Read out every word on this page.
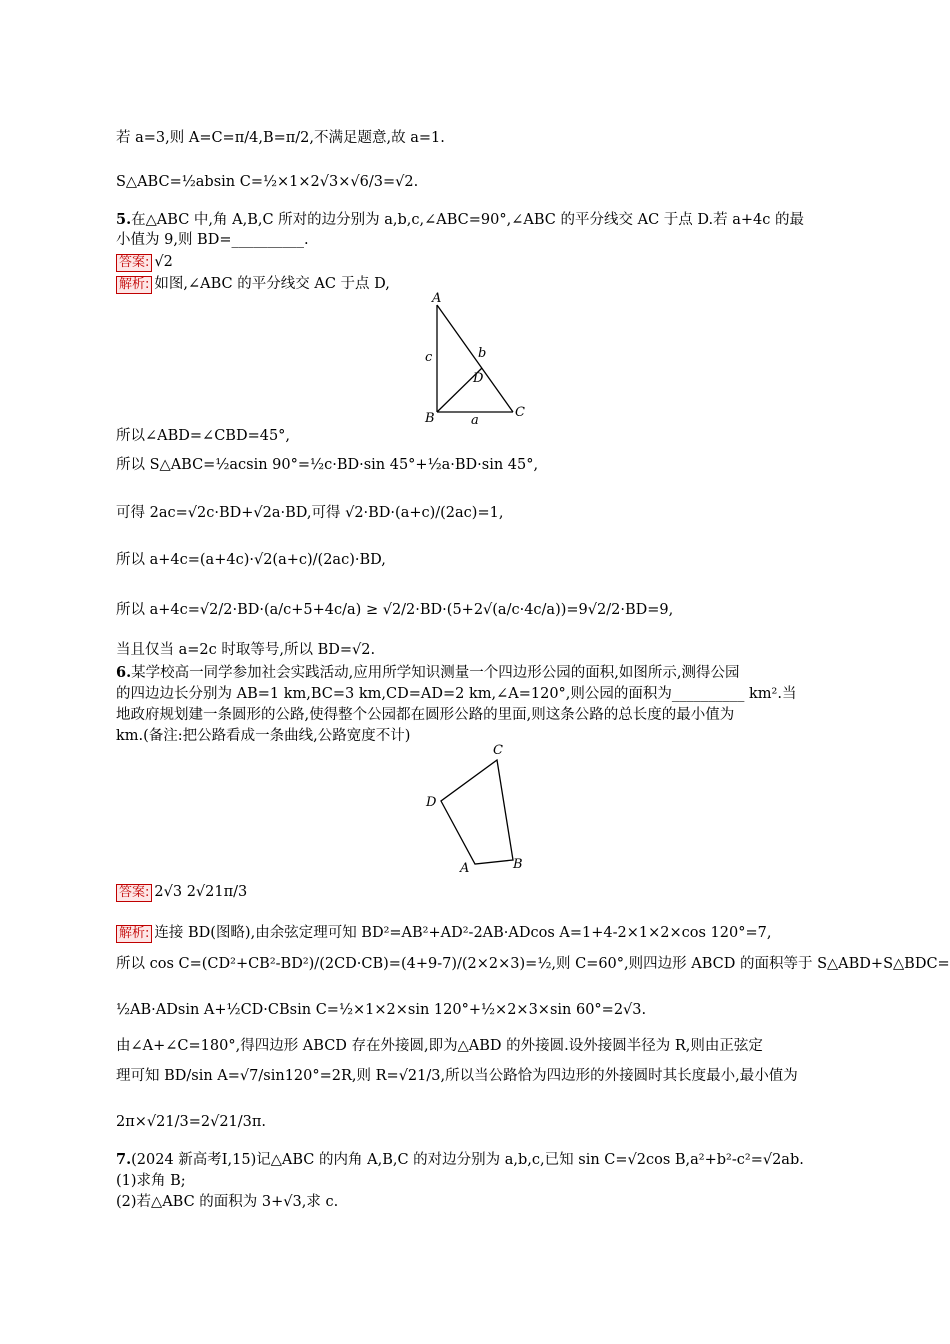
若 a=3,则 A=C=π/4,B=π/2,不满足题意,故 a=1.
S△ABC=½absin C=½×1×2√3×√6/3=√2.
5.在△ABC 中,角 A,B,C 所对的边分别为 a,b,c,∠ABC=90°,∠ABC 的平分线交 AC 于点 D.若 a+4c 的最
小值为 9,则 BD=__________.
答案: √2
解析: 如图,∠ABC 的平分线交 AC 于点 D,
A
B	C
D
c	b
a
所以∠ABD=∠CBD=45°,
所以 S△ABC=½acsin 90°=½c·BD·sin 45°+½a·BD·sin 45°,
可得 2ac=√2c·BD+√2a·BD,可得 √2·BD·(a+c)/(2ac)=1,
所以 a+4c=(a+4c)·√2(a+c)/(2ac)·BD,
所以 a+4c=√2/2·BD·(a/c+5+4c/a) ≥ √2/2·BD·(5+2√(a/c·4c/a))=9√2/2·BD=9,
当且仅当 a=2c 时取等号,所以 BD=√2.
6.某学校高一同学参加社会实践活动,应用所学知识测量一个四边形公园的面积,如图所示,测得公园
的四边边长分别为 AB=1 km,BC=3 km,CD=AD=2 km,∠A=120°,则公园的面积为__________ km².当
地政府规划建一条圆形的公路,使得整个公园都在圆形公路的里面,则这条公路的总长度的最小值为
km.(备注:把公路看成一条曲线,公路宽度不计)
C
B
A
D
答案: 2√3 2√21π/3
解析: 连接 BD(图略),由余弦定理可知 BD²=AB²+AD²-2AB·ADcos A=1+4-2×1×2×cos 120°=7,
所以 cos C=(CD²+CB²-BD²)/(2CD·CB)=(4+9-7)/(2×2×3)=½,则 C=60°,则四边形 ABCD 的面积等于 S△ABD+S△BDC=
½AB·ADsin A+½CD·CBsin C=½×1×2×sin 120°+½×2×3×sin 60°=2√3.
由∠A+∠C=180°,得四边形 ABCD 存在外接圆,即为△ABD 的外接圆.设外接圆半径为 R,则由正弦定
理可知 BD/sin A=√7/sin120°=2R,则 R=√21/3,所以当公路恰为四边形的外接圆时其长度最小,最小值为
2π×√21/3=2√21/3π.
7.(2024 新高考Ⅰ,15)记△ABC 的内角 A,B,C 的对边分别为 a,b,c,已知 sin C=√2cos B,a²+b²-c²=√2ab.
(1)求角 B;
(2)若△ABC 的面积为 3+√3,求 c.
